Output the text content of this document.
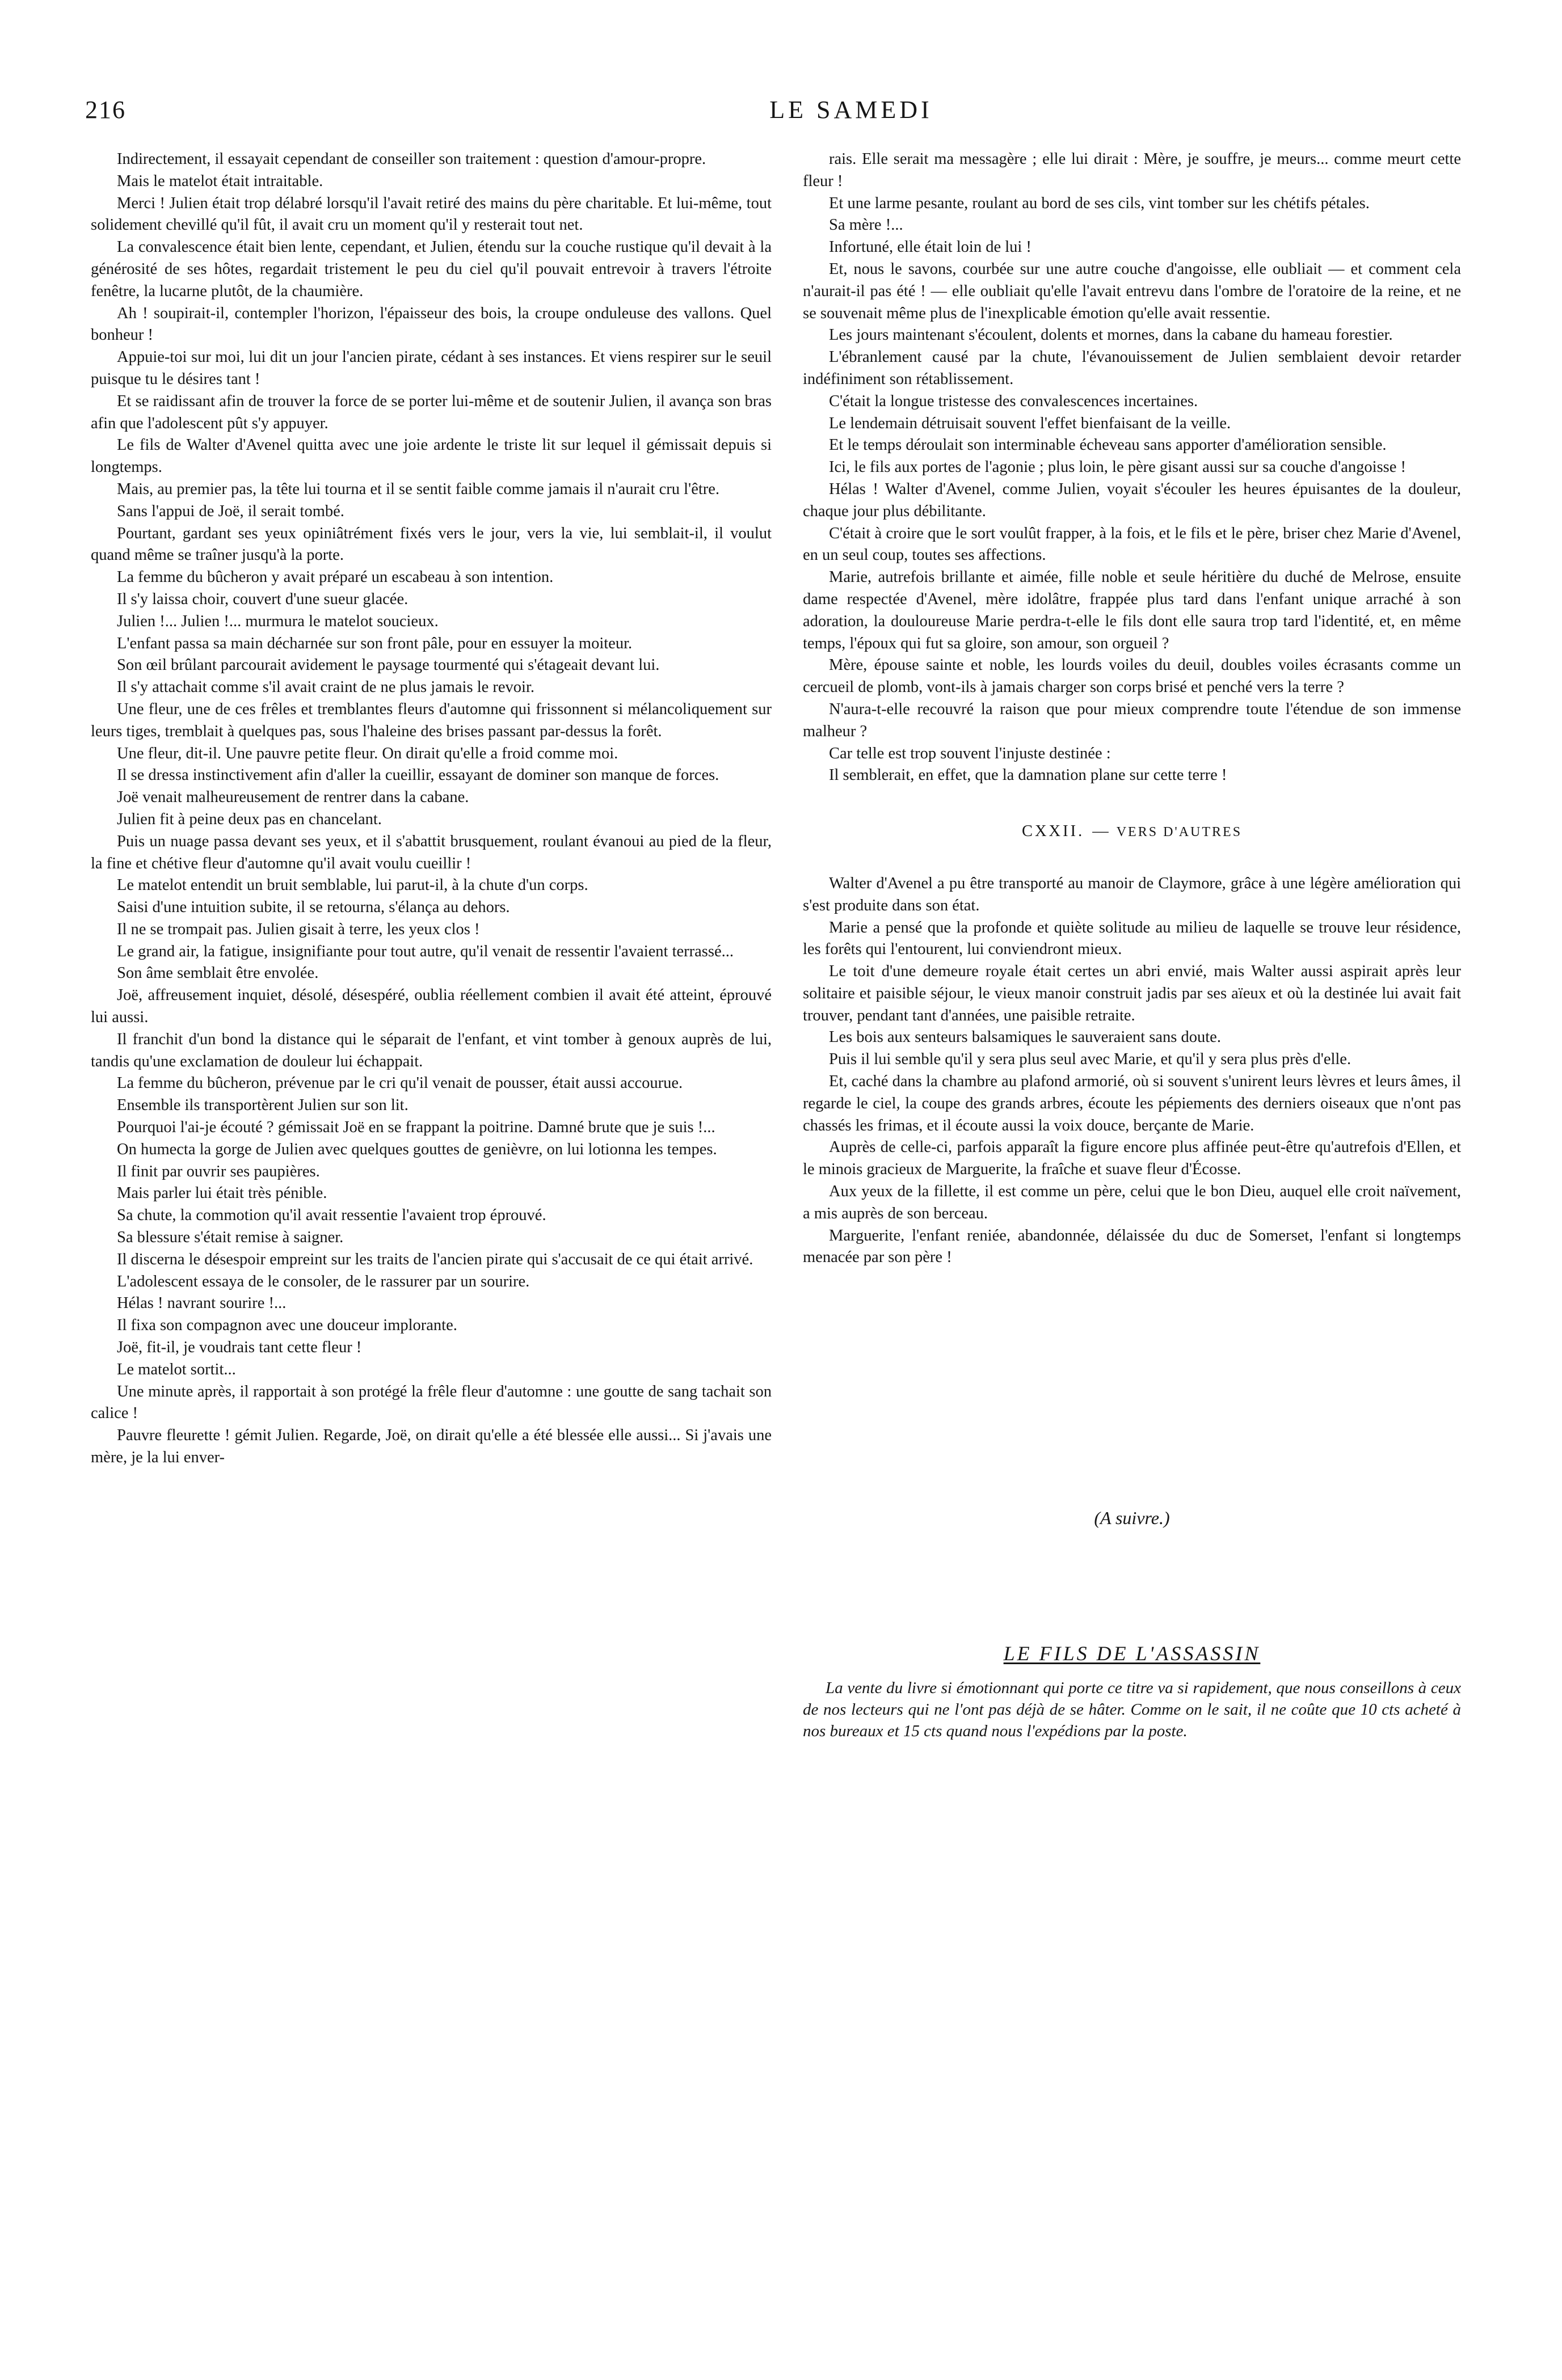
216	LE SAMEDI

Indirectement, il essayait cependant de conseiller son traitement : question d'amour-propre.

Mais le matelot était intraitable.

Merci ! Julien était trop délabré lorsqu'il l'avait retiré des mains du père charitable. Et lui-même, tout solidement chevillé qu'il fût, il avait cru un moment qu'il y resterait tout net.

La convalescence était bien lente, cependant, et Julien, étendu sur la couche rustique qu'il devait à la générosité de ses hôtes, regardait tristement le peu du ciel qu'il pouvait entrevoir à travers l'étroite fenêtre, la lucarne plutôt, de la chaumière.

Ah ! soupirait-il, contempler l'horizon, l'épaisseur des bois, la croupe onduleuse des vallons. Quel bonheur !

Appuie-toi sur moi, lui dit un jour l'ancien pirate, cédant à ses instances. Et viens respirer sur le seuil puisque tu le désires tant !

Et se raidissant afin de trouver la force de se porter lui-même et de soutenir Julien, il avança son bras afin que l'adolescent pût s'y appuyer.

Le fils de Walter d'Avenel quitta avec une joie ardente le triste lit sur lequel il gémissait depuis si longtemps.

Mais, au premier pas, la tête lui tourna et il se sentit faible comme jamais il n'aurait cru l'être.

Sans l'appui de Joë, il serait tombé.

Pourtant, gardant ses yeux opiniâtrément fixés vers le jour, vers la vie, lui semblait-il, il voulut quand même se traîner jusqu'à la porte.

La femme du bûcheron y avait préparé un escabeau à son intention.

Il s'y laissa choir, couvert d'une sueur glacée.

Julien !... Julien !... murmura le matelot soucieux.

L'enfant passa sa main décharnée sur son front pâle, pour en essuyer la moiteur.

Son œil brûlant parcourait avidement le paysage tourmenté qui s'étageait devant lui.

Il s'y attachait comme s'il avait craint de ne plus jamais le revoir.

Une fleur, une de ces frêles et tremblantes fleurs d'automne qui frissonnent si mélancoliquement sur leurs tiges, tremblait à quelques pas, sous l'haleine des brises passant par-dessus la forêt.

Une fleur, dit-il. Une pauvre petite fleur. On dirait qu'elle a froid comme moi.

Il se dressa instinctivement afin d'aller la cueillir, essayant de dominer son manque de forces.

Joë venait malheureusement de rentrer dans la cabane.

Julien fit à peine deux pas en chancelant.

Puis un nuage passa devant ses yeux, et il s'abattit brusquement, roulant évanoui au pied de la fleur, la fine et chétive fleur d'automne qu'il avait voulu cueillir !

Le matelot entendit un bruit semblable, lui parut-il, à la chute d'un corps.

Saisi d'une intuition subite, il se retourna, s'élança au dehors.

Il ne se trompait pas. Julien gisait à terre, les yeux clos !

Le grand air, la fatigue, insignifiante pour tout autre, qu'il venait de ressentir l'avaient terrassé...

Son âme semblait être envolée.

Joë, affreusement inquiet, désolé, désespéré, oublia réellement combien il avait été atteint, éprouvé lui aussi.

Il franchit d'un bond la distance qui le séparait de l'enfant, et vint tomber à genoux auprès de lui, tandis qu'une exclamation de douleur lui échappait.

La femme du bûcheron, prévenue par le cri qu'il venait de pousser, était aussi accourue.

Ensemble ils transportèrent Julien sur son lit.

Pourquoi l'ai-je écouté ? gémissait Joë en se frappant la poitrine. Damné brute que je suis !...

On humecta la gorge de Julien avec quelques gouttes de genièvre, on lui lotionna les tempes.

Il finit par ouvrir ses paupières.

Mais parler lui était très pénible.

Sa chute, la commotion qu'il avait ressentie l'avaient trop éprouvé.

Sa blessure s'était remise à saigner.

Il discerna le désespoir empreint sur les traits de l'ancien pirate qui s'accusait de ce qui était arrivé.

L'adolescent essaya de le consoler, de le rassurer par un sourire.

Hélas ! navrant sourire !...

Il fixa son compagnon avec une douceur implorante.

Joë, fit-il, je voudrais tant cette fleur !

Le matelot sortit...

Une minute après, il rapportait à son protégé la frêle fleur d'automne : une goutte de sang tachait son calice !

Pauvre fleurette ! gémit Julien. Regarde, Joë, on dirait qu'elle a été blessée elle aussi... Si j'avais une mère, je la lui enver-

rais. Elle serait ma messagère ; elle lui dirait : Mère, je souffre, je meurs... comme meurt cette fleur !

Et une larme pesante, roulant au bord de ses cils, vint tomber sur les chétifs pétales.

Sa mère !...

Infortuné, elle était loin de lui !

Et, nous le savons, courbée sur une autre couche d'angoisse, elle oubliait — et comment cela n'aurait-il pas été ! — elle oubliait qu'elle l'avait entrevu dans l'ombre de l'oratoire de la reine, et ne se souvenait même plus de l'inexplicable émotion qu'elle avait ressentie.

Les jours maintenant s'écoulent, dolents et mornes, dans la cabane du hameau forestier.

L'ébranlement causé par la chute, l'évanouissement de Julien semblaient devoir retarder indéfiniment son rétablissement.

C'était la longue tristesse des convalescences incertaines.

Le lendemain détruisait souvent l'effet bienfaisant de la veille.

Et le temps déroulait son interminable écheveau sans apporter d'amélioration sensible.

Ici, le fils aux portes de l'agonie ; plus loin, le père gisant aussi sur sa couche d'angoisse !

Hélas ! Walter d'Avenel, comme Julien, voyait s'écouler les heures épuisantes de la douleur, chaque jour plus débilitante.

C'était à croire que le sort voulût frapper, à la fois, et le fils et le père, briser chez Marie d'Avenel, en un seul coup, toutes ses affections.

Marie, autrefois brillante et aimée, fille noble et seule héritière du duché de Melrose, ensuite dame respectée d'Avenel, mère idolâtre, frappée plus tard dans l'enfant unique arraché à son adoration, la douloureuse Marie perdra-t-elle le fils dont elle saura trop tard l'identité, et, en même temps, l'époux qui fut sa gloire, son amour, son orgueil ?

Mère, épouse sainte et noble, les lourds voiles du deuil, doubles voiles écrasants comme un cercueil de plomb, vont-ils à jamais charger son corps brisé et penché vers la terre ?

N'aura-t-elle recouvré la raison que pour mieux comprendre toute l'étendue de son immense malheur ?

Car telle est trop souvent l'injuste destinée :

Il semblerait, en effet, que la damnation plane sur cette terre !

CXXII. — VERS D'AUTRES

Walter d'Avenel a pu être transporté au manoir de Claymore, grâce à une légère amélioration qui s'est produite dans son état.

Marie a pensé que la profonde et quiète solitude au milieu de laquelle se trouve leur résidence, les forêts qui l'entourent, lui conviendront mieux.

Le toit d'une demeure royale était certes un abri envié, mais Walter aussi aspirait après leur solitaire et paisible séjour, le vieux manoir construit jadis par ses aïeux et où la destinée lui avait fait trouver, pendant tant d'années, une paisible retraite.

Les bois aux senteurs balsamiques le sauveraient sans doute.

Puis il lui semble qu'il y sera plus seul avec Marie, et qu'il y sera plus près d'elle.

Et, caché dans la chambre au plafond armorié, où si souvent s'unirent leurs lèvres et leurs âmes, il regarde le ciel, la coupe des grands arbres, écoute les pépiements des derniers oiseaux que n'ont pas chassés les frimas, et il écoute aussi la voix douce, berçante de Marie.

Auprès de celle-ci, parfois apparaît la figure encore plus affinée peut-être qu'autrefois d'Ellen, et le minois gracieux de Marguerite, la fraîche et suave fleur d'Écosse.

Aux yeux de la fillette, il est comme un père, celui que le bon Dieu, auquel elle croit naïvement, a mis auprès de son berceau.

Marguerite, l'enfant reniée, abandonnée, délaissée du duc de Somerset, l'enfant si longtemps menacée par son père !

(A suivre.)
LE FILS DE L'ASSASSIN

La vente du livre si émotionnant qui porte ce titre va si rapidement, que nous conseillons à ceux de nos lecteurs qui ne l'ont pas déjà de se hâter. Comme on le sait, il ne coûte que 10 cts acheté à nos bureaux et 15 cts quand nous l'expédions par la poste.
